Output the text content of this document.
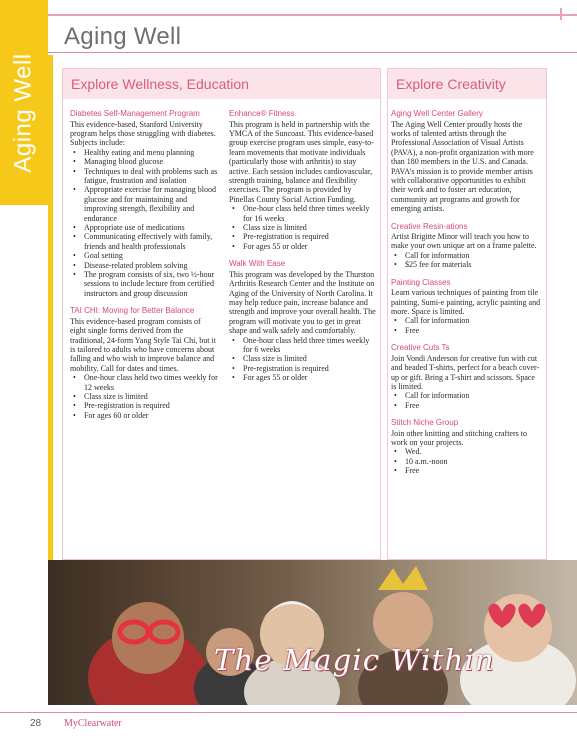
Aging Well
Aging Well
Explore Wellness, Education	Explore Creativity
Diabetes Self-Management Program
This evidence-based, Stanford University program helps those struggling with diabetes. Subjects include:
• Healthy eating and menu planning
• Managing blood glucose
• Techniques to deal with problems such as fatigue, frustration and isolation
• Appropriate exercise for managing blood glucose and for maintaining and improving strength, flexibility and endurance
• Appropriate use of medications
• Communicating effectively with family, friends and health professionals
• Goal setting
• Disease-related problem solving
• The program consists of six, two ½-hour sessions to include lecture from certified instructors and group discussion
TAI CHI: Moving for Better Balance
This evidence-based program consists of eight single forms derived from the traditional, 24-form Yang Style Tai Chi, but it is tailored to adults who have concerns about falling and who wish to improve balance and mobility. Call for dates and times.
• One-hour class held two times weekly for 12 weeks
• Class size is limited
• Pre-registration is required
• For ages 60 or older
Enhance® Fitness
This program is held in partnership with the YMCA of the Suncoast. This evidence-based group exercise program uses simple, easy-to-learn movements that motivate individuals (particularly those with arthritis) to stay active. Each session includes cardiovascular, strength training, balance and flexibility exercises. The program is provided by Pinellas County Social Action Funding.
• One-hour class held three times weekly for 16 weeks
• Class size is limited
• Pre-registration is required
• For ages 55 or older
Walk With Ease
This program was developed by the Thurston Arthritis Research Center and the Institute on Aging of the University of North Carolina. It may help reduce pain, increase balance and strength and improve your overall health. The program will motivate you to get in great shape and walk safely and comfortably.
• One-hour class held three times weekly for 6 weeks
• Class size is limited
• Pre-registration is required
• For ages 55 or older
Aging Well Center Gallery
The Aging Well Center proudly hosts the works of talented artists through the Professional Association of Visual Artists (PAVA), a non-profit organization with more than 180 members in the U.S. and Canada. PAVA's mission is to provide member artists with collaborative opportunities to exhibit their work and to foster art education, community art programs and growth for emerging artists.
Creative Resin-ations
Artist Brigitte Minor will teach you how to make your own unique art on a frame palette.
• Call for information
• $25 fee for materials
Painting Classes
Learn various techniques of painting from tile painting, Sumi-e painting, acrylic painting and more. Space is limited.
• Call for information
• Free
Creative Cuts Ts
Join Vondi Anderson for creative fun with cut and beaded T-shirts, perfect for a beach cover-up or gift. Bring a T-shirt and scissors. Space is limited.
• Call for information
• Free
Stitch Niche Group
Join other knitting and stitching crafters to work on your projects.
• Wed.
• 10 a.m.-noon
• Free
The Magic Within
28 MyClearwater
